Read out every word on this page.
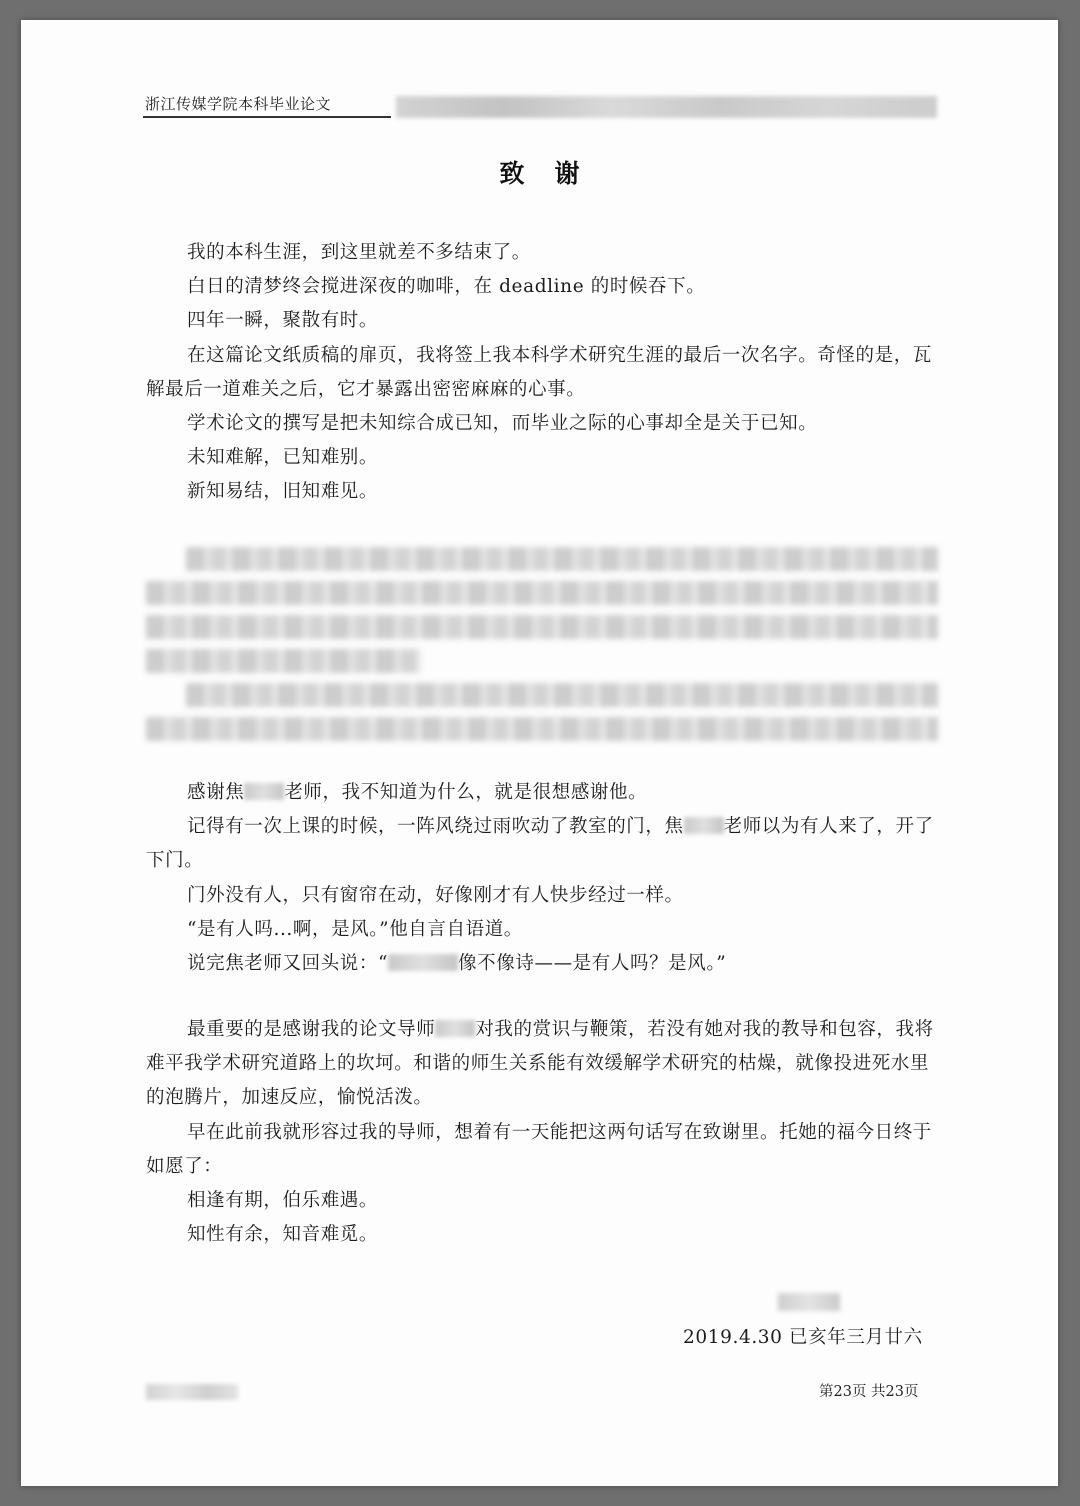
浙江传媒学院本科毕业论文
致谢

我的本科生涯，到这里就差不多结束了。

白日的清梦终会搅进深夜的咖啡，在 deadline 的时候吞下。

四年一瞬，聚散有时。

在这篇论文纸质稿的扉页，我将签上我本科学术研究生涯的最后一次名字。奇怪的是，瓦解最后一道难关之后，它才暴露出密密麻麻的心事。

学术论文的撰写是把未知综合成已知，而毕业之际的心事却全是关于已知。

未知难解，已知难别。

新知易结，旧知难见。

感谢焦 老师，我不知道为什么，就是很想感谢他。

记得有一次上课的时候，一阵风绕过雨吹动了教室的门，焦 老师以为有人来了，开了下门。

门外没有人，只有窗帘在动，好像刚才有人快步经过一样。

“是有人吗...啊，是风。”他自言自语道。

说完焦老师又回头说：“	像不像诗——是有人吗？是风。”

最重要的是感谢我的论文导师 对我的赏识与鞭策，若没有她对我的教导和包容，我将难平我学术研究道路上的坎坷。和谐的师生关系能有效缓解学术研究的枯燥，就像投进死水里的泡腾片，加速反应，愉悦活泼。

早在此前我就形容过我的导师，想着有一天能把这两句话写在致谢里。托她的福今日终于如愿了：

相逢有期，伯乐难遇。

知性有余，知音难觅。

2019.4.30 已亥年三月廿六
第23页 共23页
